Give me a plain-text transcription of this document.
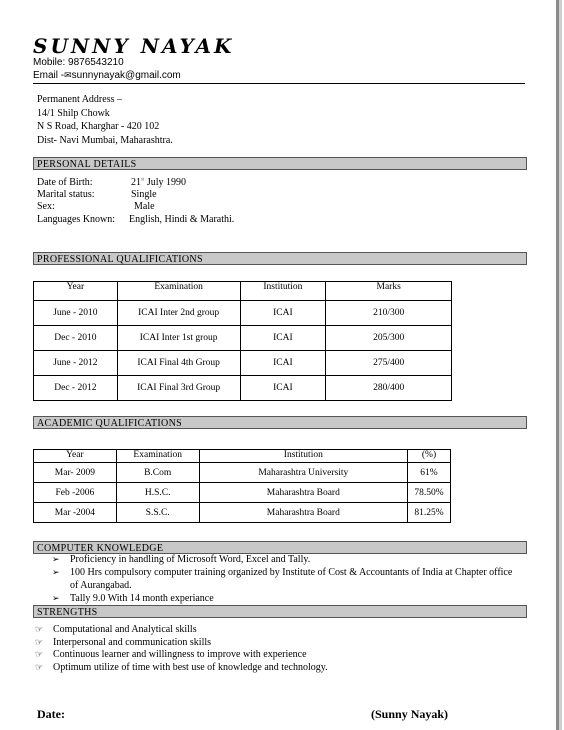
SUNNY NAYAK
Mobile: 9876543210
Email -✉sunnynayak@gmail.com
Permanent Address –
14/1 Shilp Chowk
N S Road, Kharghar - 420 102
Dist- Navi Mumbai, Maharashtra.
PERSONAL DETAILS
Date of Birth:	21st July 1990
Marital status:	Single
Sex:	Male
Languages Known: English, Hindi & Marathi.
PROFESSIONAL QUALIFICATIONS
Year	Examination	Institution	Marks
June - 2010	ICAI Inter 2nd group	ICAI	210/300
Dec - 2010	ICAI Inter 1st group	ICAI	205/300
June - 2012	ICAI Final 4th Group	ICAI	275/400
Dec - 2012	ICAI Final 3rd Group	ICAI	280/400
ACADEMIC QUALIFICATIONS
Year	Examination	Institution	(%)
Mar- 2009	B.Com	Maharashtra University	61%
Feb -2006	H.S.C.	Maharashtra Board	78.50%
Mar -2004	S.S.C.	Maharashtra Board	81.25%
COMPUTER KNOWLEDGE
➢ Proficiency in handling of Microsoft Word, Excel and Tally.
➢ 100 Hrs compulsory computer training organized by Institute of Cost & Accountants of India at Chapter office of Aurangabad.
➢ Tally 9.0 With 14 month experiance
STRENGTHS
☞ Computational and Analytical skills
☞ Interpersonal and communication skills
☞ Continuous learner and willingness to improve with experience
☞ Optimum utilize of time with best use of knowledge and technology.
Date:	(Sunny Nayak)
